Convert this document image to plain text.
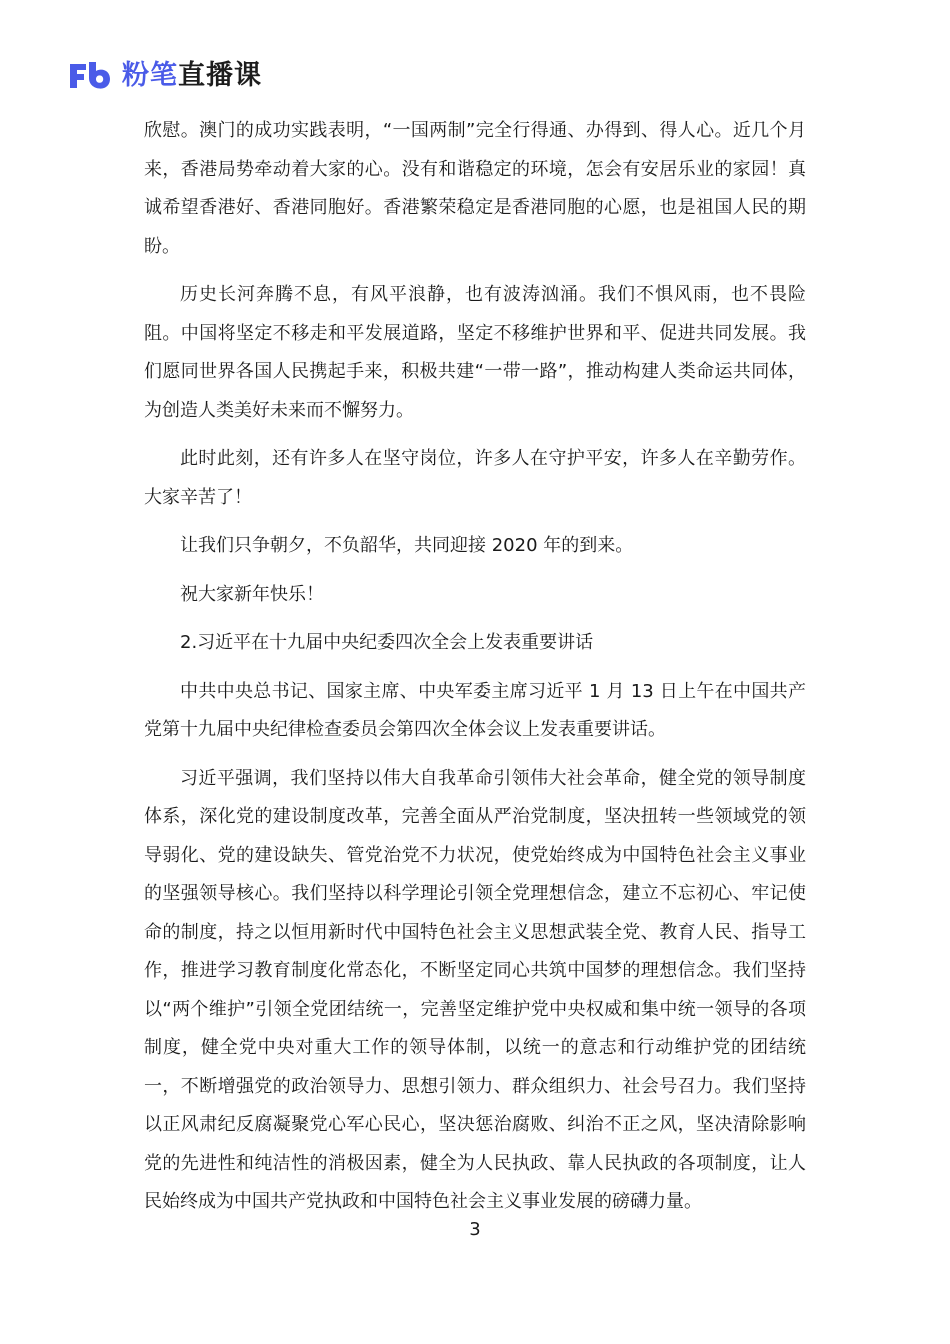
粉笔直播课

欣慰。澳门的成功实践表明，“一国两制”完全行得通、办得到、得人心。近几个月来，香港局势牵动着大家的心。没有和谐稳定的环境，怎会有安居乐业的家园！真诚希望香港好、香港同胞好。香港繁荣稳定是香港同胞的心愿，也是祖国人民的期盼。

历史长河奔腾不息，有风平浪静，也有波涛汹涌。我们不惧风雨，也不畏险阻。中国将坚定不移走和平发展道路，坚定不移维护世界和平、促进共同发展。我们愿同世界各国人民携起手来，积极共建“一带一路”，推动构建人类命运共同体，为创造人类美好未来而不懈努力。

此时此刻，还有许多人在坚守岗位，许多人在守护平安，许多人在辛勤劳作。大家辛苦了！

让我们只争朝夕，不负韶华，共同迎接 2020 年的到来。

祝大家新年快乐！

2.习近平在十九届中央纪委四次全会上发表重要讲话

中共中央总书记、国家主席、中央军委主席习近平 1 月 13 日上午在中国共产党第十九届中央纪律检查委员会第四次全体会议上发表重要讲话。

习近平强调，我们坚持以伟大自我革命引领伟大社会革命，健全党的领导制度体系，深化党的建设制度改革，完善全面从严治党制度，坚决扭转一些领域党的领导弱化、党的建设缺失、管党治党不力状况，使党始终成为中国特色社会主义事业的坚强领导核心。我们坚持以科学理论引领全党理想信念，建立不忘初心、牢记使命的制度，持之以恒用新时代中国特色社会主义思想武装全党、教育人民、指导工作，推进学习教育制度化常态化，不断坚定同心共筑中国梦的理想信念。我们坚持以“两个维护”引领全党团结统一，完善坚定维护党中央权威和集中统一领导的各项制度，健全党中央对重大工作的领导体制，以统一的意志和行动维护党的团结统一，不断增强党的政治领导力、思想引领力、群众组织力、社会号召力。我们坚持以正风肃纪反腐凝聚党心军心民心，坚决惩治腐败、纠治不正之风，坚决清除影响党的先进性和纯洁性的消极因素，健全为人民执政、靠人民执政的各项制度，让人民始终成为中国共产党执政和中国特色社会主义事业发展的磅礴力量。

3
